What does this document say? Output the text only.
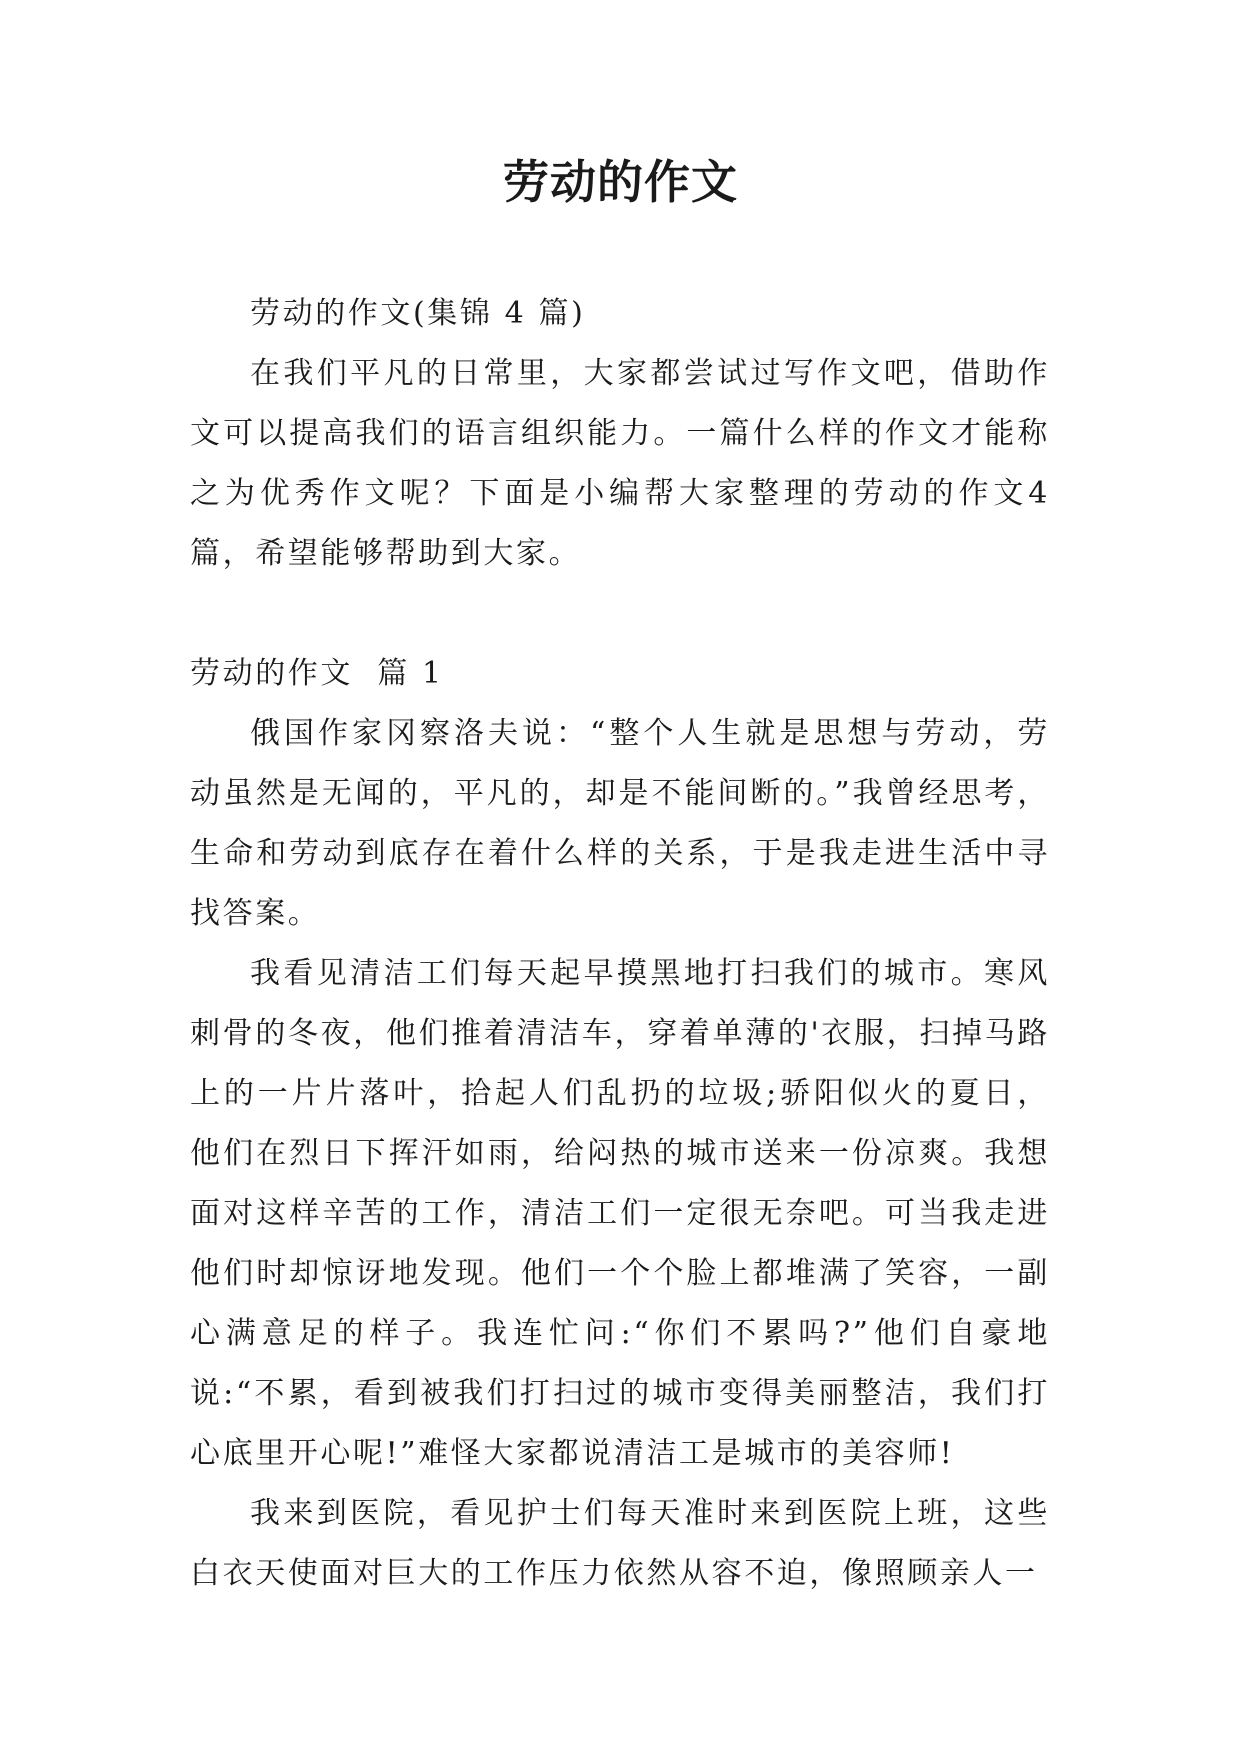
劳动的作文

劳动的作文(集锦 4 篇)

在我们平凡的日常里，大家都尝试过写作文吧，借助作文可以提高我们的语言组织能力。一篇什么样的作文才能称之为优秀作文呢？下面是小编帮大家整理的劳动的作文4篇，希望能够帮助到大家。

劳动的作文  篇 1

俄国作家冈察洛夫说：“整个人生就是思想与劳动，劳动虽然是无闻的，平凡的，却是不能间断的。”我曾经思考，生命和劳动到底存在着什么样的关系，于是我走进生活中寻找答案。

我看见清洁工们每天起早摸黑地打扫我们的城市。寒风刺骨的冬夜，他们推着清洁车，穿着单薄的'衣服，扫掉马路上的一片片落叶，拾起人们乱扔的垃圾;骄阳似火的夏日，他们在烈日下挥汗如雨，给闷热的城市送来一份凉爽。我想面对这样辛苦的工作，清洁工们一定很无奈吧。可当我走进他们时却惊讶地发现。他们一个个脸上都堆满了笑容，一副心满意足的样子。我连忙问:“你们不累吗?”他们自豪地说:“不累，看到被我们打扫过的城市变得美丽整洁，我们打心底里开心呢!”难怪大家都说清洁工是城市的美容师!

我来到医院，看见护士们每天准时来到医院上班，这些白衣天使面对巨大的工作压力依然从容不迫，像照顾亲人一
